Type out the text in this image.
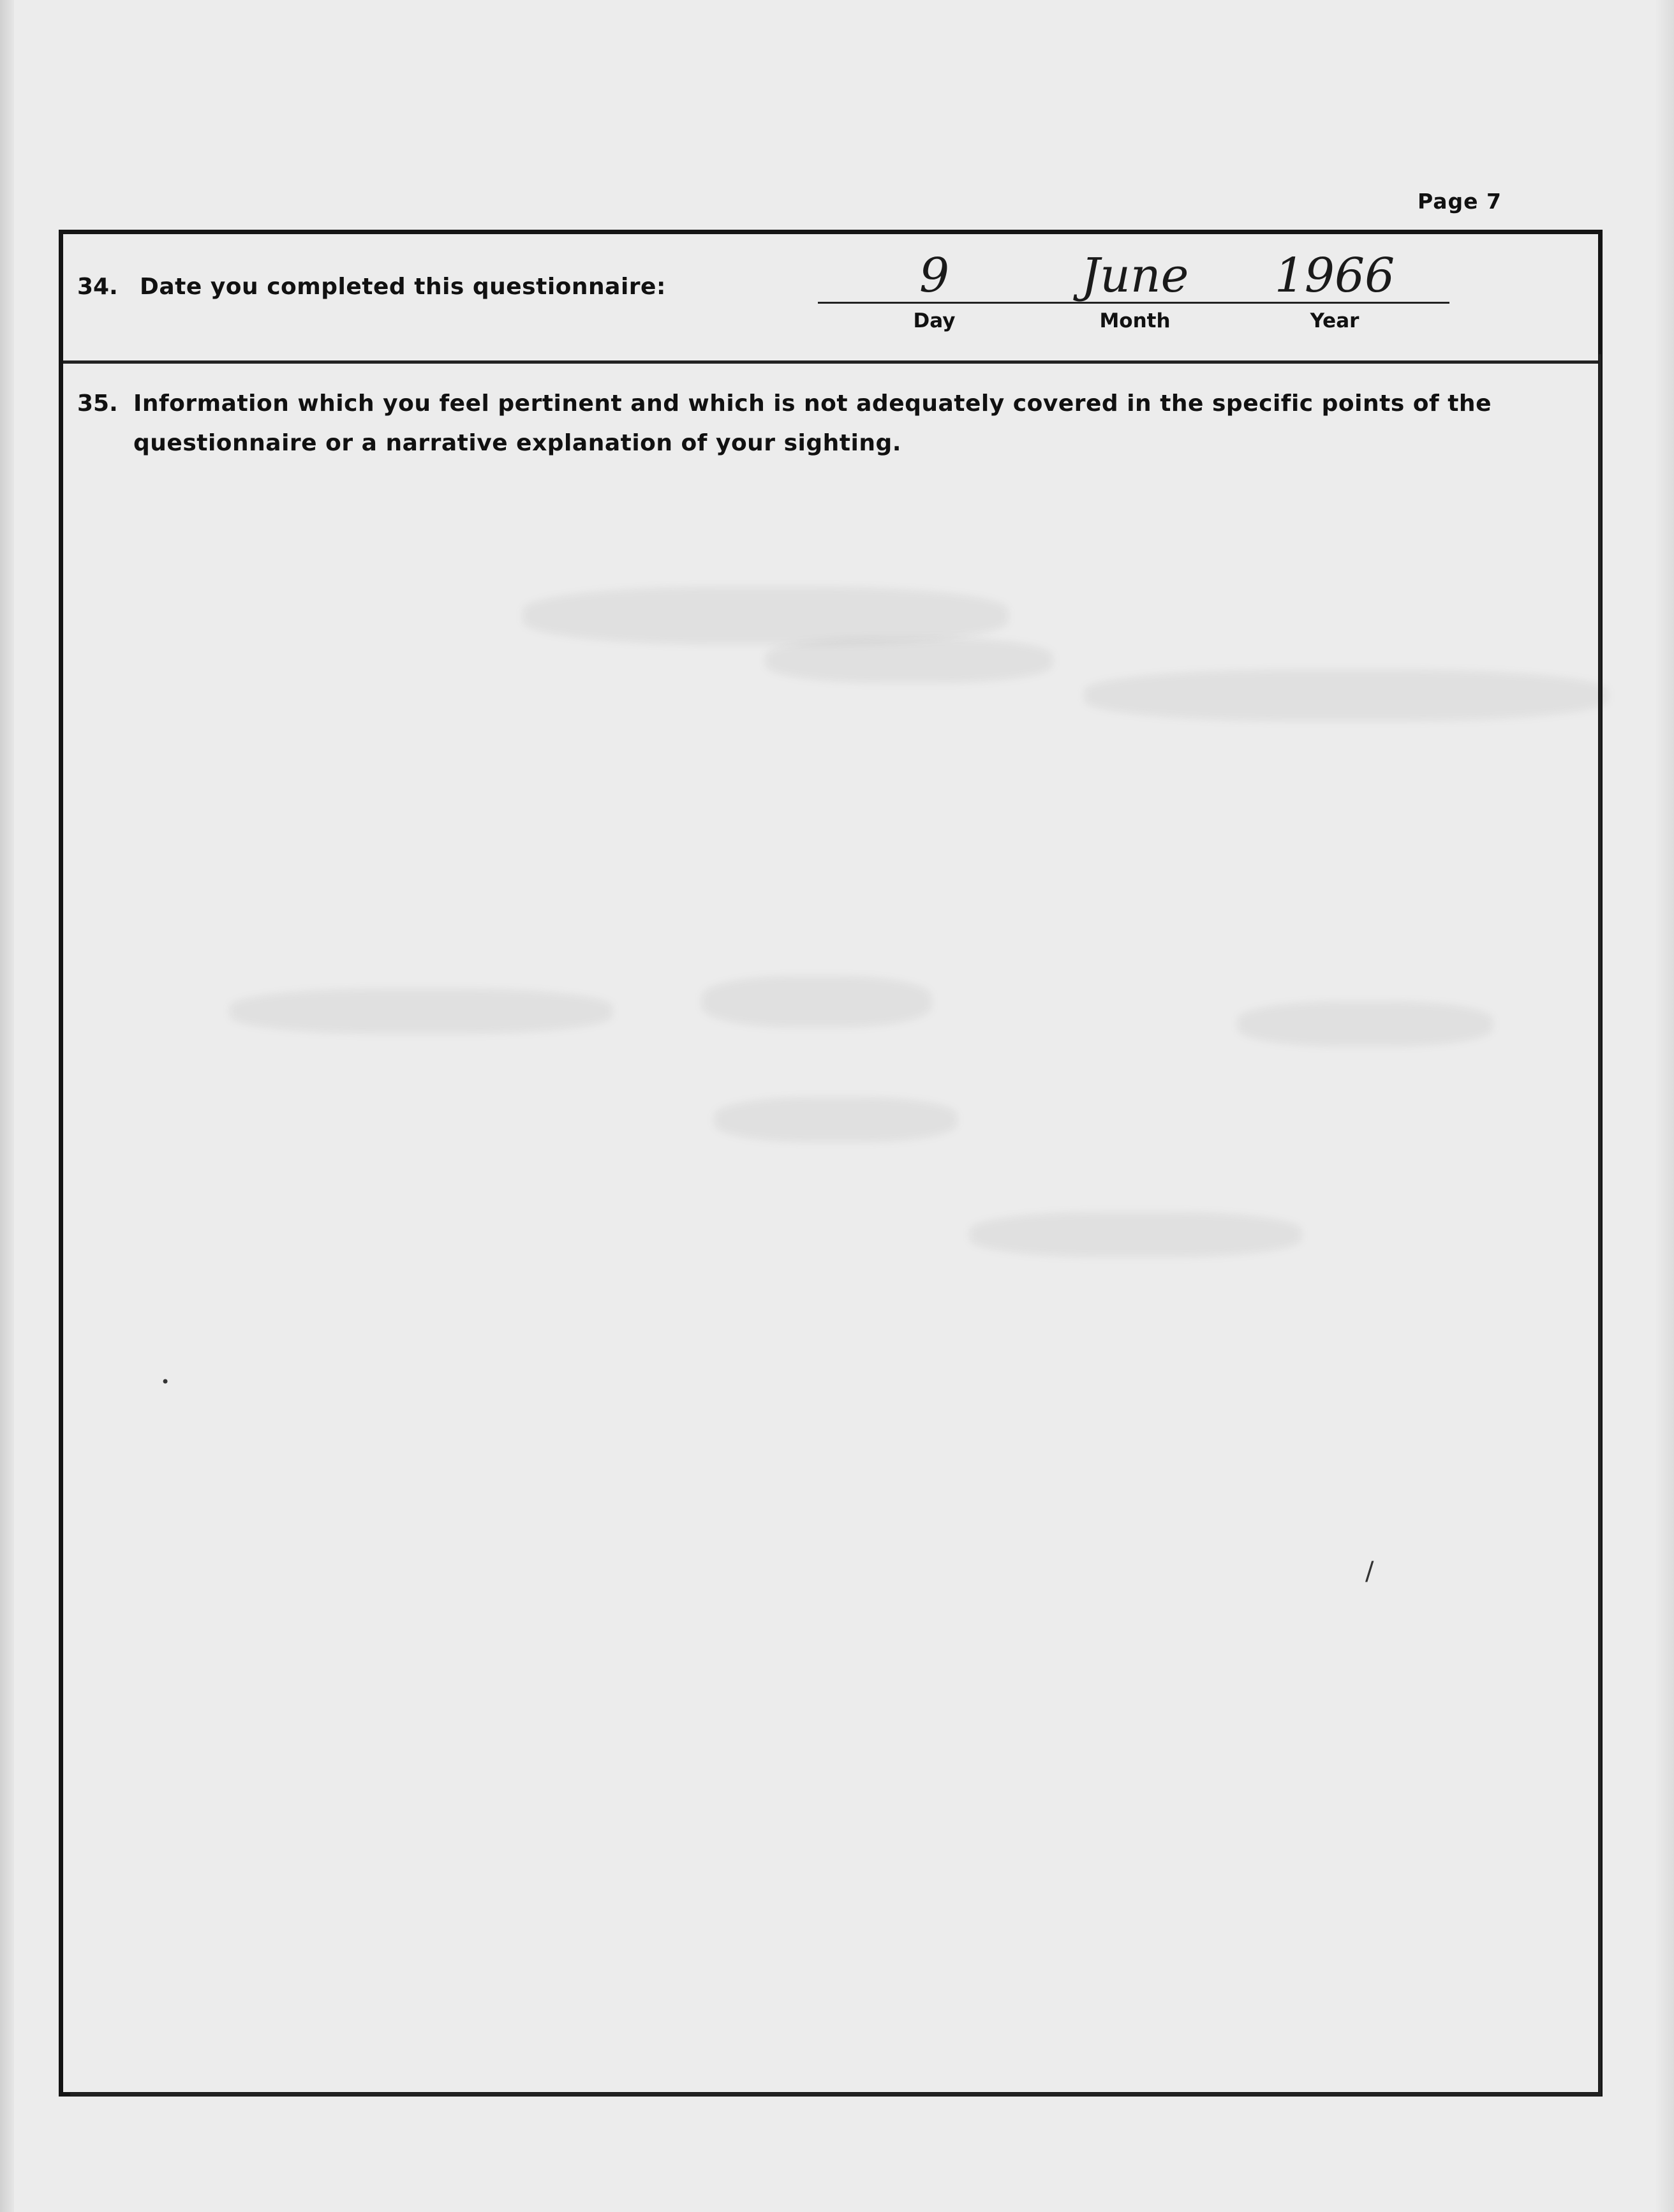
/
•
Page 7
34. Date you completed this questionnaire:	9
Day
June
Month
1966
Year
35. Information which you feel pertinent and which is not adequately covered in the specific points of the
questionnaire or a narrative explanation of your sighting.
